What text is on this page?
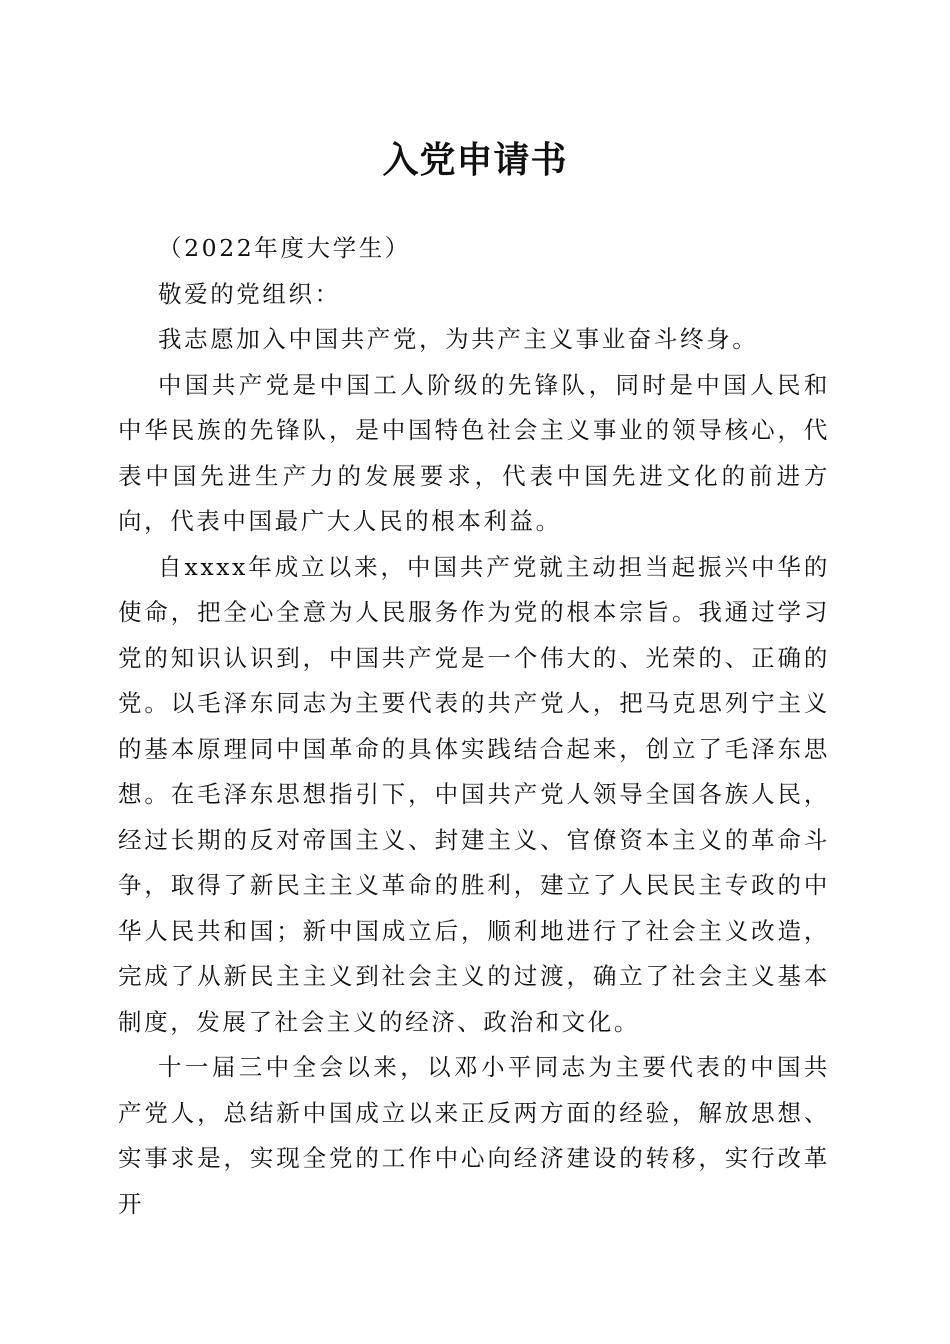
入党申请书

（2022年度大学生）

敬爱的党组织：

我志愿加入中国共产党，为共产主义事业奋斗终身。

中国共产党是中国工人阶级的先锋队，同时是中国人民和中华民族的先锋队，是中国特色社会主义事业的领导核心，代表中国先进生产力的发展要求，代表中国先进文化的前进方向，代表中国最广大人民的根本利益。

自xxxx年成立以来，中国共产党就主动担当起振兴中华的使命，把全心全意为人民服务作为党的根本宗旨。我通过学习党的知识认识到，中国共产党是一个伟大的、光荣的、正确的党。以毛泽东同志为主要代表的共产党人，把马克思列宁主义的基本原理同中国革命的具体实践结合起来，创立了毛泽东思想。在毛泽东思想指引下，中国共产党人领导全国各族人民，经过长期的反对帝国主义、封建主义、官僚资本主义的革命斗争，取得了新民主主义革命的胜利，建立了人民民主专政的中华人民共和国；新中国成立后，顺利地进行了社会主义改造，完成了从新民主主义到社会主义的过渡，确立了社会主义基本制度，发展了社会主义的经济、政治和文化。

十一届三中全会以来，以邓小平同志为主要代表的中国共产党人，总结新中国成立以来正反两方面的经验，解放思想、实事求是，实现全党的工作中心向经济建设的转移，实行改革开
